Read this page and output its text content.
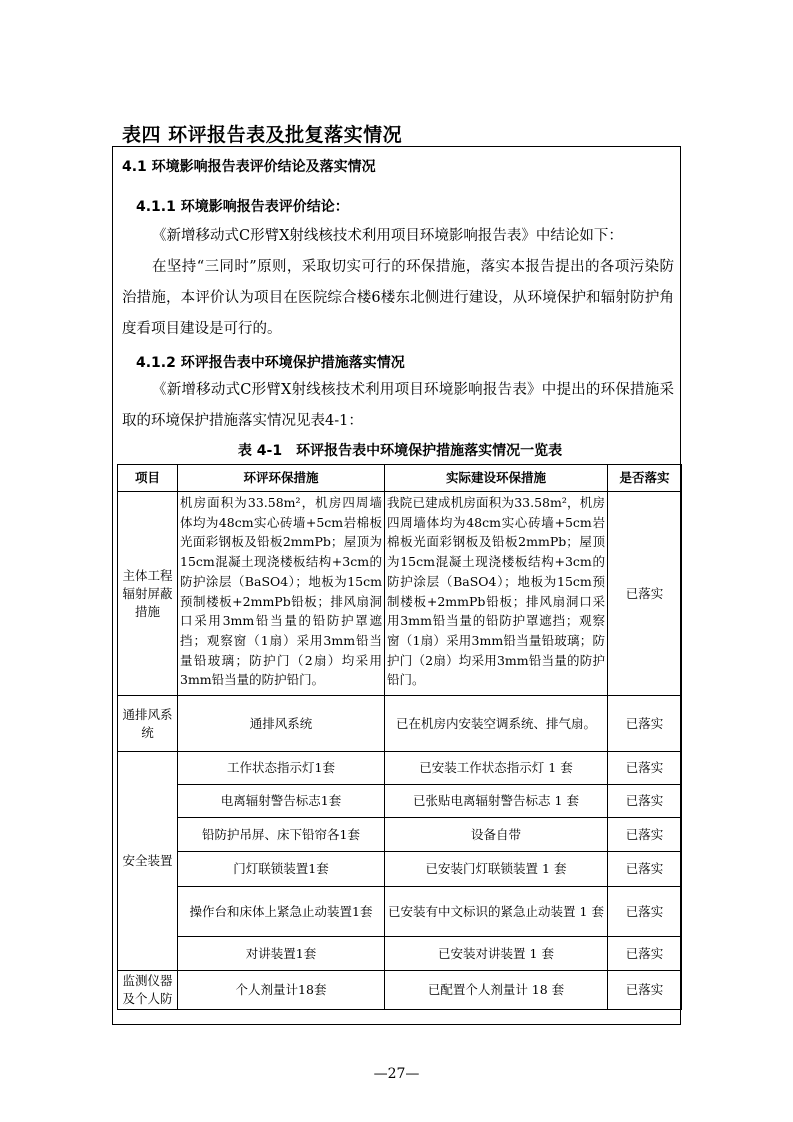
表四 环评报告表及批复落实情况
4.1 环境影响报告表评价结论及落实情况
4.1.1 环境影响报告表评价结论：
《新增移动式C形臂X射线核技术利用项目环境影响报告表》中结论如下：
在坚持“三同时”原则，采取切实可行的环保措施，落实本报告提出的各项污染防治措施，本评价认为项目在医院综合楼6楼东北侧进行建设，从环境保护和辐射防护角度看项目建设是可行的。
4.1.2 环评报告表中环境保护措施落实情况
《新增移动式C形臂X射线核技术利用项目环境影响报告表》中提出的环保措施采取的环境保护措施落实情况见表4-1：
表 4-1　环评报告表中环境保护措施落实情况一览表
项目	环评环保措施	实际建设环保措施	是否落实
主体工程辐射屏蔽措施	机房面积为33.58m²，机房四周墙体均为48cm实心砖墙+5cm岩棉板光面彩钢板及铅板2mmPb；屋顶为15cm混凝土现浇楼板结构+3cm的防护涂层（BaSO4）；地板为15cm预制楼板+2mmPb铅板；排风扇洞口采用3mm铅当量的铅防护罩遮挡；观察窗（1扇）采用3mm铅当量铅玻璃；防护门（2扇）均采用3mm铅当量的防护铅门。	我院已建成机房面积为33.58m²，机房四周墙体均为48cm实心砖墙+5cm岩棉板光面彩钢板及铅板2mmPb；屋顶为15cm混凝土现浇楼板结构+3cm的防护涂层（BaSO4）；地板为15cm预制楼板+2mmPb铅板；排风扇洞口采用3mm铅当量的铅防护罩遮挡；观察窗（1扇）采用3mm铅当量铅玻璃；防护门（2扇）均采用3mm铅当量的防护铅门。	已落实
通排风系统	通排风系统	已在机房内安装空调系统、排气扇。	已落实
安全装置	工作状态指示灯1套	已安装工作状态指示灯 1 套	已落实
	电离辐射警告标志1套	已张贴电离辐射警告标志 1 套	已落实
	铅防护吊屏、床下铅帘各1套	设备自带	已落实
	门灯联锁装置1套	已安装门灯联锁装置 1 套	已落实
	操作台和床体上紧急止动装置1套	已安装有中文标识的紧急止动装置 1 套	已落实
	对讲装置1套	已安装对讲装置 1 套	已落实
监测仪器及个人防	个人剂量计18套	已配置个人剂量计 18 套	已落实
—27—
